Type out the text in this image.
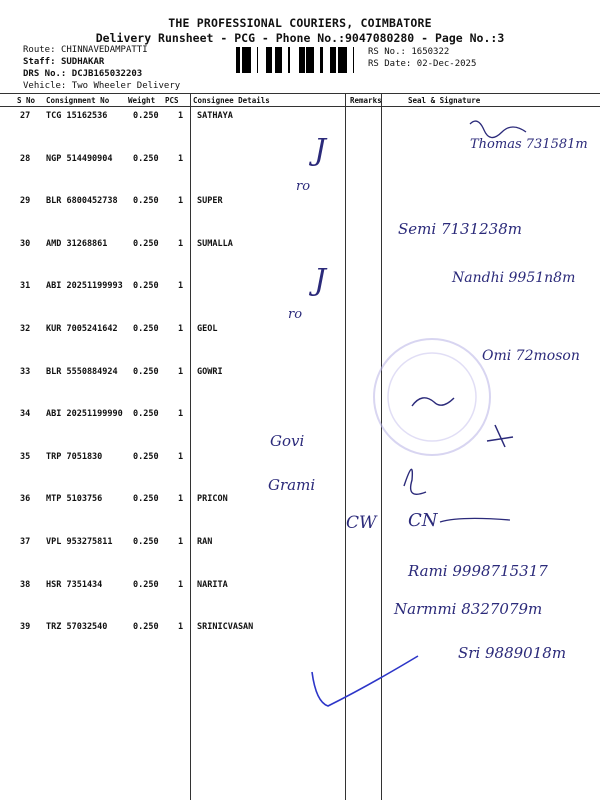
THE PROFESSIONAL COURIERS, COIMBATORE
Delivery Runsheet - PCG - Phone No.:9047080280 - Page No.:3
Route: CHINNAVEDAMPATTI
Staff: SUDHAKAR
DRS No.: DCJB165032203
Vehicle: Two Wheeler Delivery
RS No.: 1650322
RS Date: 02-Dec-2025
S No Consignment No	Weight PCS Consignee Details	Remarks	Seal & Signature
27 TCG 15162536	0.250 1 SATHAYA
28 NGP 514490904 0.250 1
29 BLR 6800452738 0.250 1 SUPER
30 AMD 31268861	0.250 1 SUMALLA
31 ABI 20251199993 0.250 1
32 KUR 7005241642 0.250 1 GEOL
33 BLR 5550884924 0.250 1 GOWRI
34 ABI 20251199990 0.250 1
35 TRP 7051830	0.250 1
36 MTP 5103756	0.250 1 PRICON
37 VPL 953275811 0.250 1 RAN
38 HSR 7351434	0.250 1 NARITA
39 TRZ 57032540	0.250 1 SRINICVASAN
Thomas 731581m
J
ro
Semi 7131238m
J
ro
Nandhi 9951n8m
Omi 72moson
Govi
Grami
CW CN
Rami 9998715317
Narmmi 8327079m
Sri 9889018m
